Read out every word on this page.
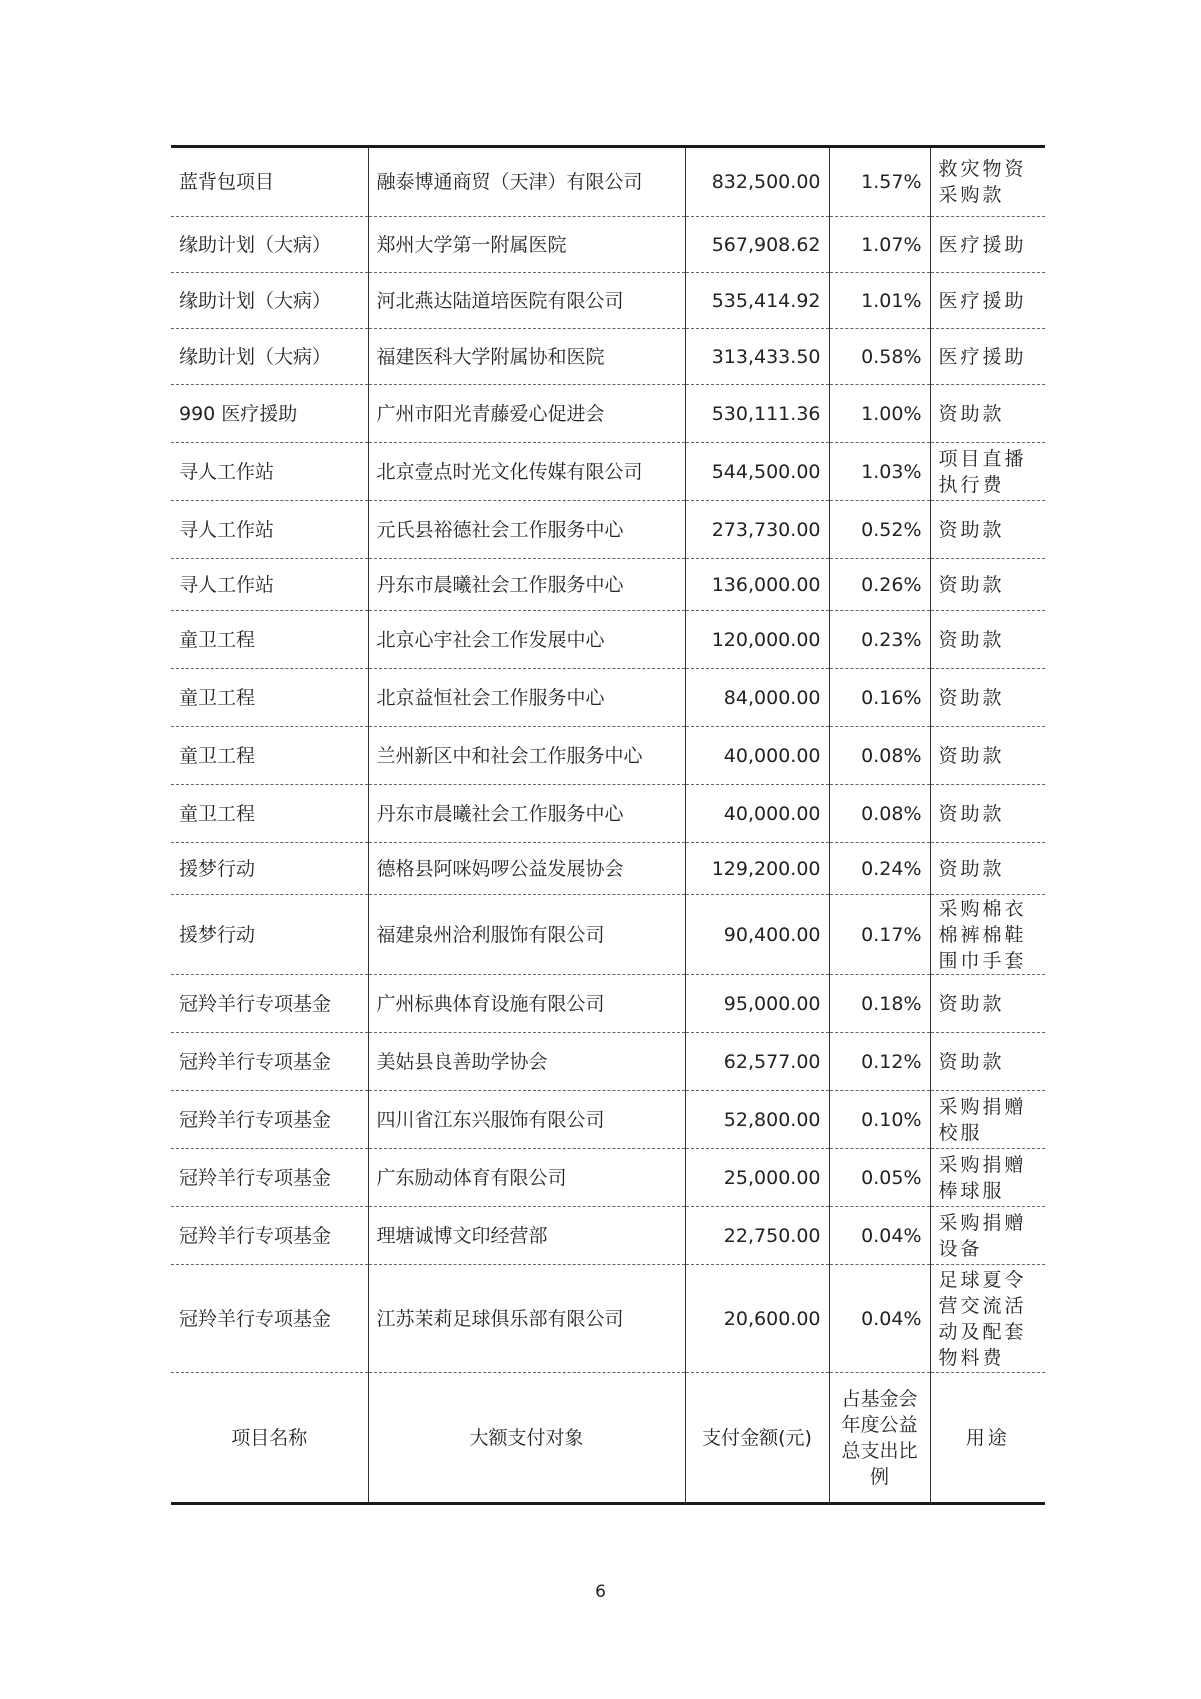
蓝背包项目	融泰博通商贸（天津）有限公司	832,500.00	1.57%	救灾物资采购款
缘助计划（大病）	郑州大学第一附属医院	567,908.62	1.07%	医疗援助
缘助计划（大病）	河北燕达陆道培医院有限公司	535,414.92	1.01%	医疗援助
缘助计划（大病）	福建医科大学附属协和医院	313,433.50	0.58%	医疗援助
990 医疗援助	广州市阳光青藤爱心促进会	530,111.36	1.00%	资助款
寻人工作站	北京壹点时光文化传媒有限公司	544,500.00	1.03%	项目直播执行费
寻人工作站	元氏县裕德社会工作服务中心	273,730.00	0.52%	资助款
寻人工作站	丹东市晨曦社会工作服务中心	136,000.00	0.26%	资助款
童卫工程	北京心宇社会工作发展中心	120,000.00	0.23%	资助款
童卫工程	北京益恒社会工作服务中心	84,000.00	0.16%	资助款
童卫工程	兰州新区中和社会工作服务中心	40,000.00	0.08%	资助款
童卫工程	丹东市晨曦社会工作服务中心	40,000.00	0.08%	资助款
援梦行动	德格县阿咪妈啰公益发展协会	129,200.00	0.24%	资助款
援梦行动	福建泉州洽利服饰有限公司	90,400.00	0.17%	采购棉衣棉裤棉鞋围巾手套
冠羚羊行专项基金	广州标典体育设施有限公司	95,000.00	0.18%	资助款
冠羚羊行专项基金	美姑县良善助学协会	62,577.00	0.12%	资助款
冠羚羊行专项基金	四川省江东兴服饰有限公司	52,800.00	0.10%	采购捐赠校服
冠羚羊行专项基金	广东励动体育有限公司	25,000.00	0.05%	采购捐赠棒球服
冠羚羊行专项基金	理塘诚博文印经营部	22,750.00	0.04%	采购捐赠设备
冠羚羊行专项基金	江苏茉莉足球俱乐部有限公司	20,600.00	0.04%	足球夏令营交流活动及配套物料费
项目名称	大额支付对象	支付金额(元)	占基金会年度公益总支出比例	用途
6
